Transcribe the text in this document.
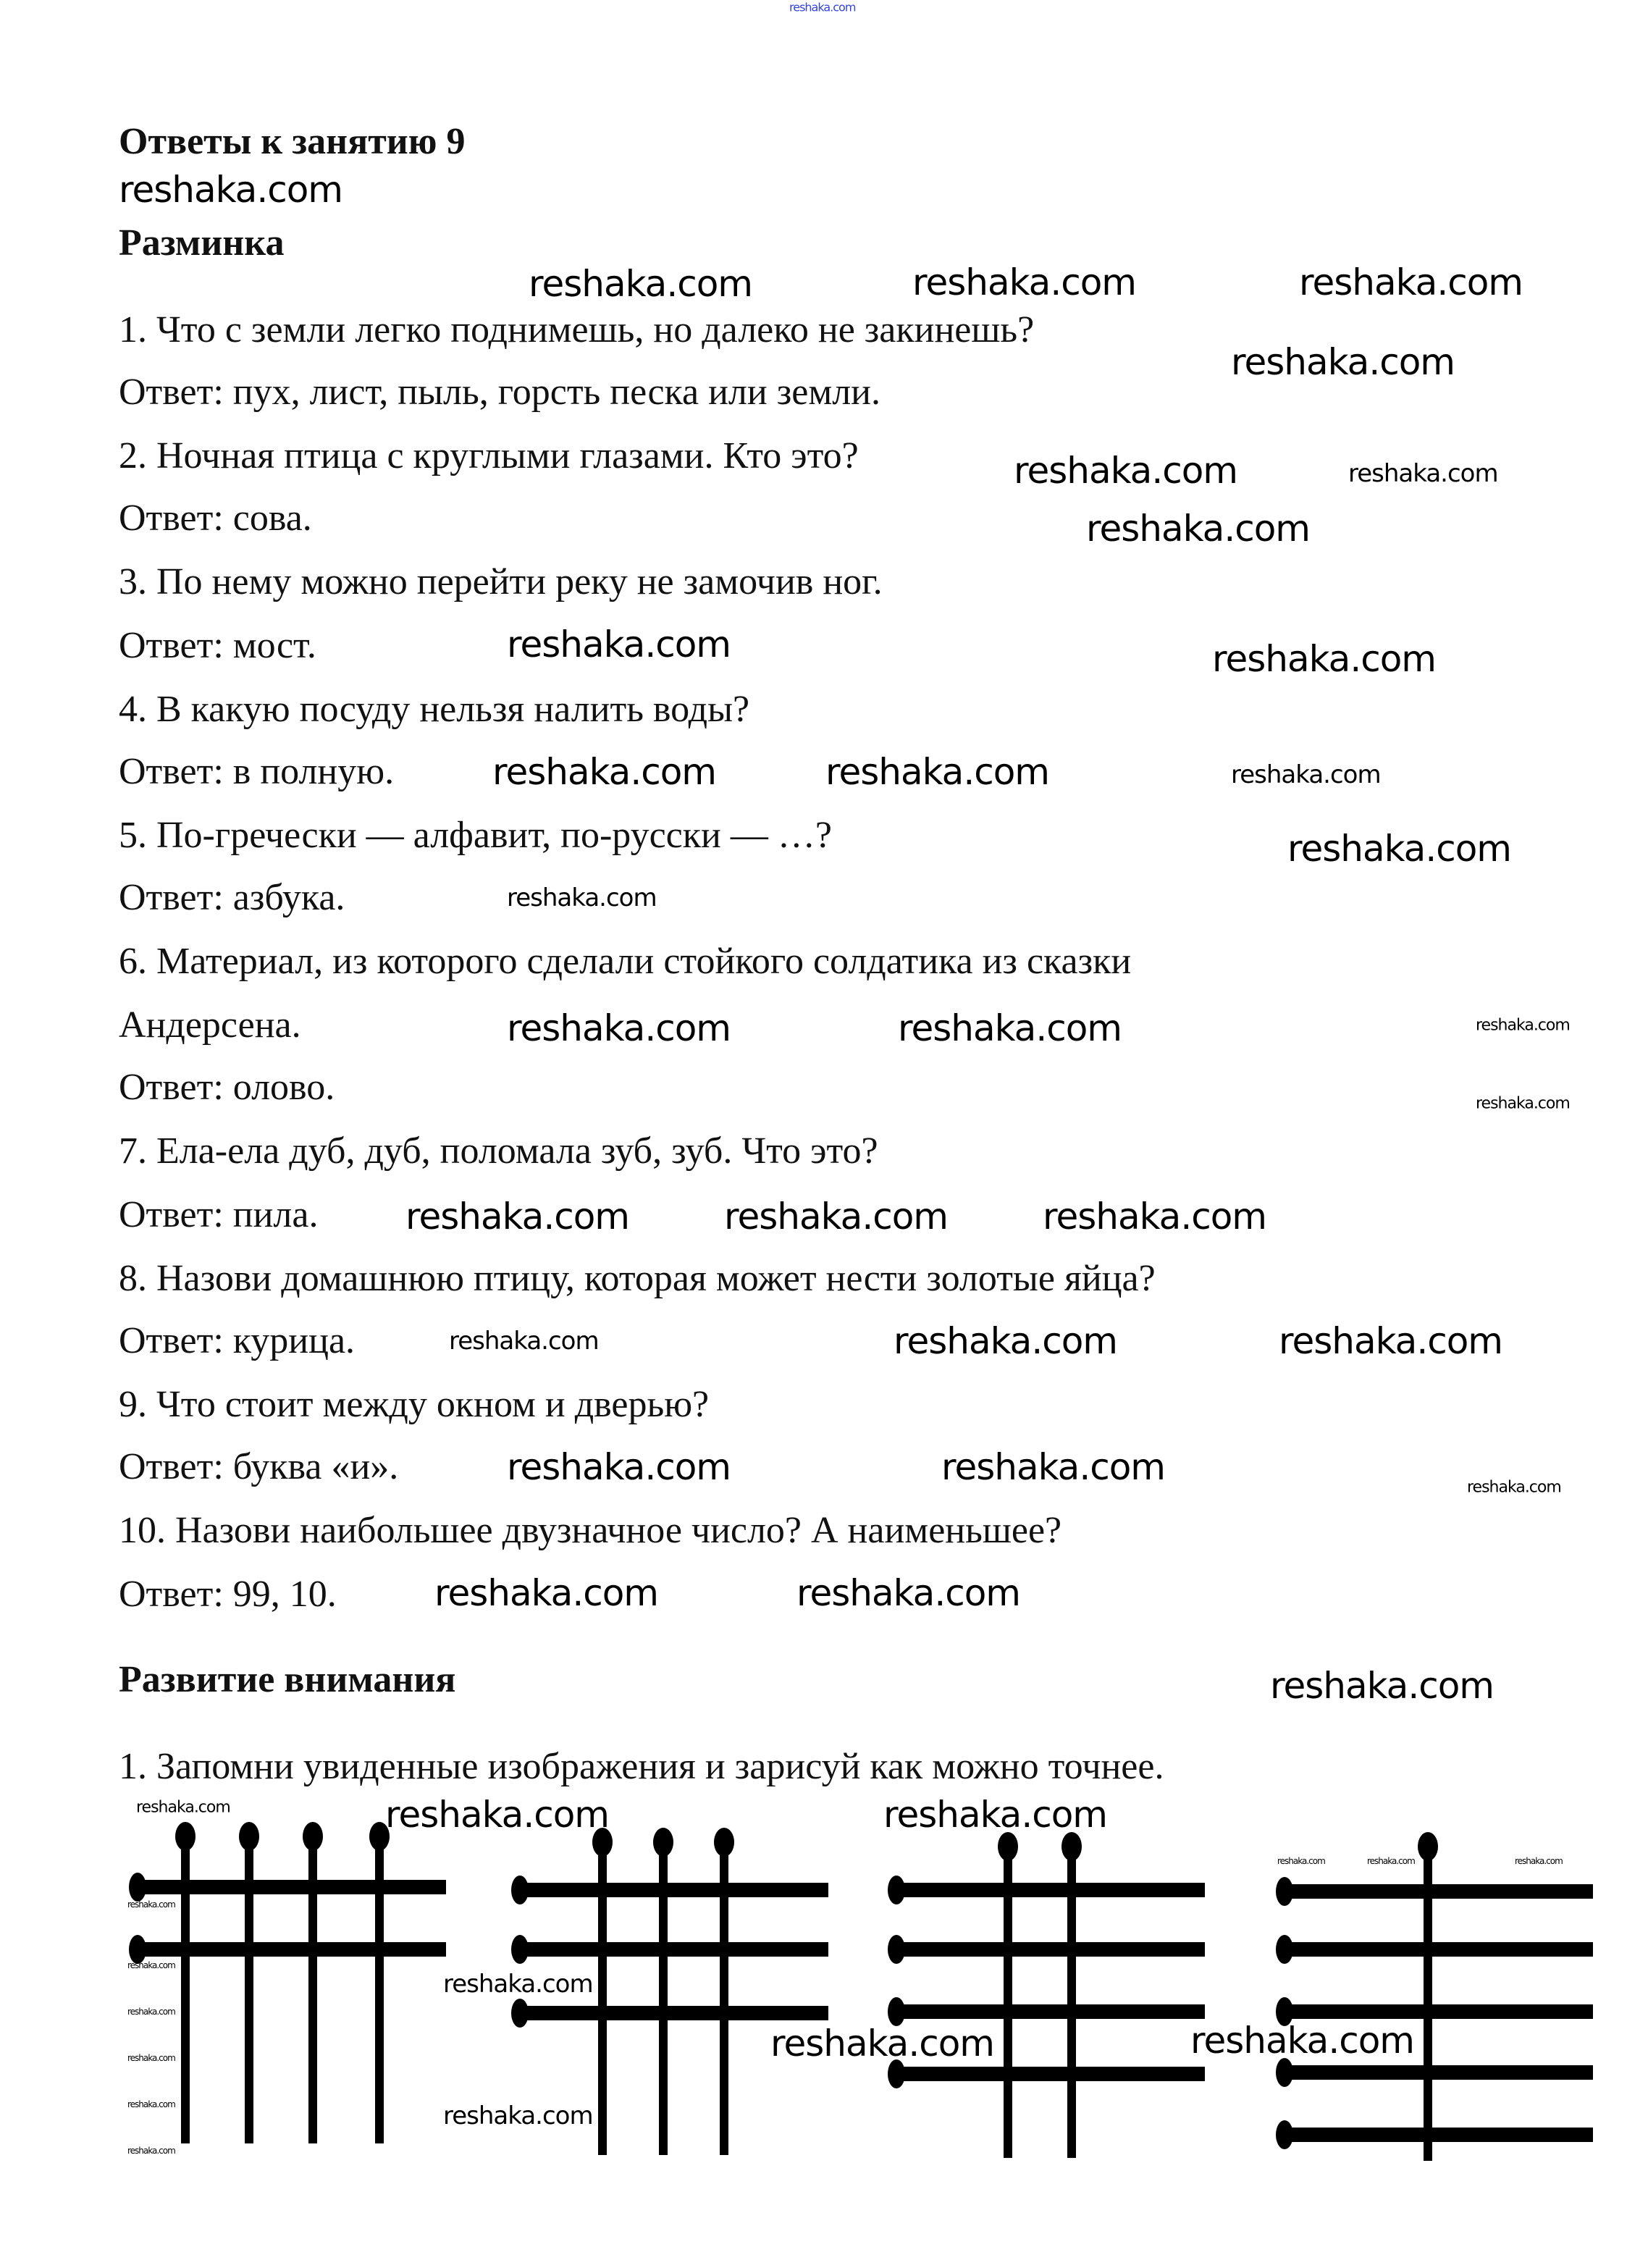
reshaka.com
Ответы к занятию 9
Разминка
1. Что с земли легко поднимешь, но далеко не закинешь?
Ответ: пух, лист, пыль, горсть песка или земли.
2. Ночная птица с круглыми глазами. Кто это?
Ответ: сова.
3. По нему можно перейти реку не замочив ног.
Ответ: мост.
4. В какую посуду нельзя налить воды?
Ответ: в полную.
5. По-гречески — алфавит, по-русски — …?
Ответ: азбука.
6. Материал, из которого сделали стойкого солдатика из сказки
Андерсена.
Ответ: олово.
7. Ела-ела дуб, дуб, поломала зуб, зуб. Что это?
Ответ: пила.
8. Назови домашнюю птицу, которая может нести золотые яйца?
Ответ: курица.
9. Что стоит между окном и дверью?
Ответ: буква «и».
10. Назови наибольшее двузначное число? А наименьшее?
Ответ: 99, 10.
Развитие внимания
1. Запомни увиденные изображения и зарисуй как можно точнее.
reshaka.com
reshaka.com	reshaka.com
reshaka.com
reshaka.com
reshaka.com	reshaka.com
reshaka.com
reshaka.com	reshaka.com
reshaka.com	reshaka.com	reshaka.com
reshaka.com
reshaka.com
reshaka.com	reshaka.com	reshaka.com
reshaka.com
reshaka.com	reshaka.com	reshaka.com
reshaka.com	reshaka.com
reshaka.com
reshaka.com	reshaka.com	reshaka.com
reshaka.com	reshaka.com
reshaka.com
reshaka.com	reshaka.com	reshaka.com
reshaka.com
reshaka.com	reshaka.com
reshaka.com
reshaka.com
reshaka.com
reshaka.com
reshaka.com
reshaka.com
reshaka.com
reshaka.com	reshaka.com	reshaka.com
